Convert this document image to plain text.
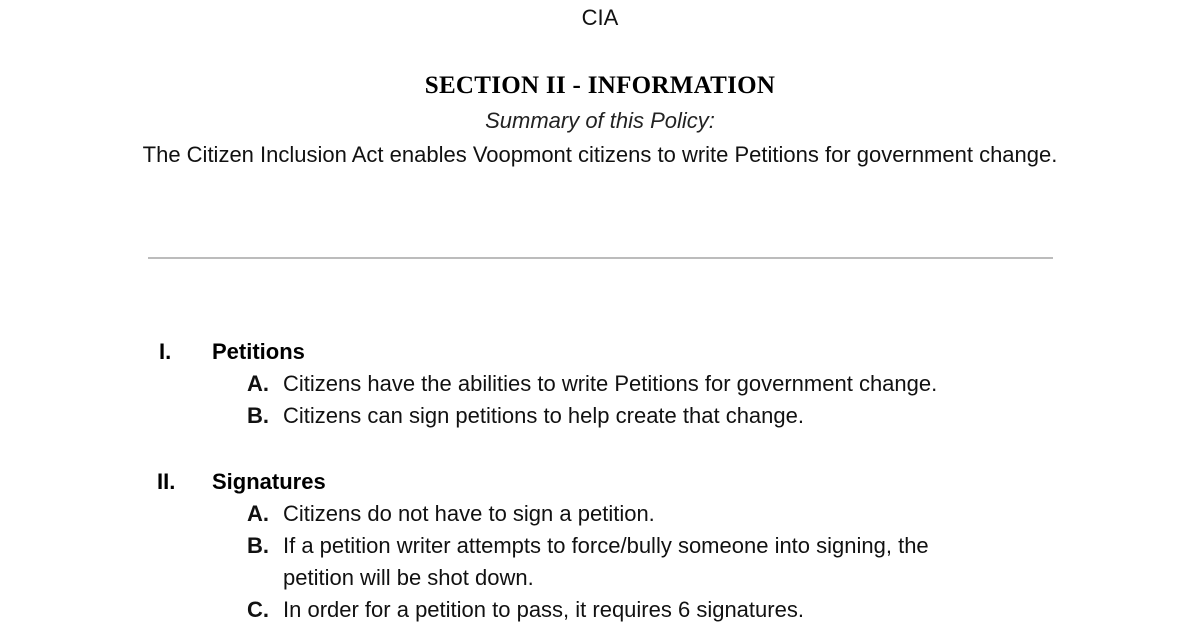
CIA
SECTION II - INFORMATION
Summary of this Policy:
The Citizen Inclusion Act enables Voopmont citizens to write Petitions for government change.
I. Petitions
A. Citizens have the abilities to write Petitions for government change.
B. Citizens can sign petitions to help create that change.
II. Signatures
A. Citizens do not have to sign a petition.
B. If a petition writer attempts to force/bully someone into signing, the petition will be shot down.
C. In order for a petition to pass, it requires 6 signatures.
